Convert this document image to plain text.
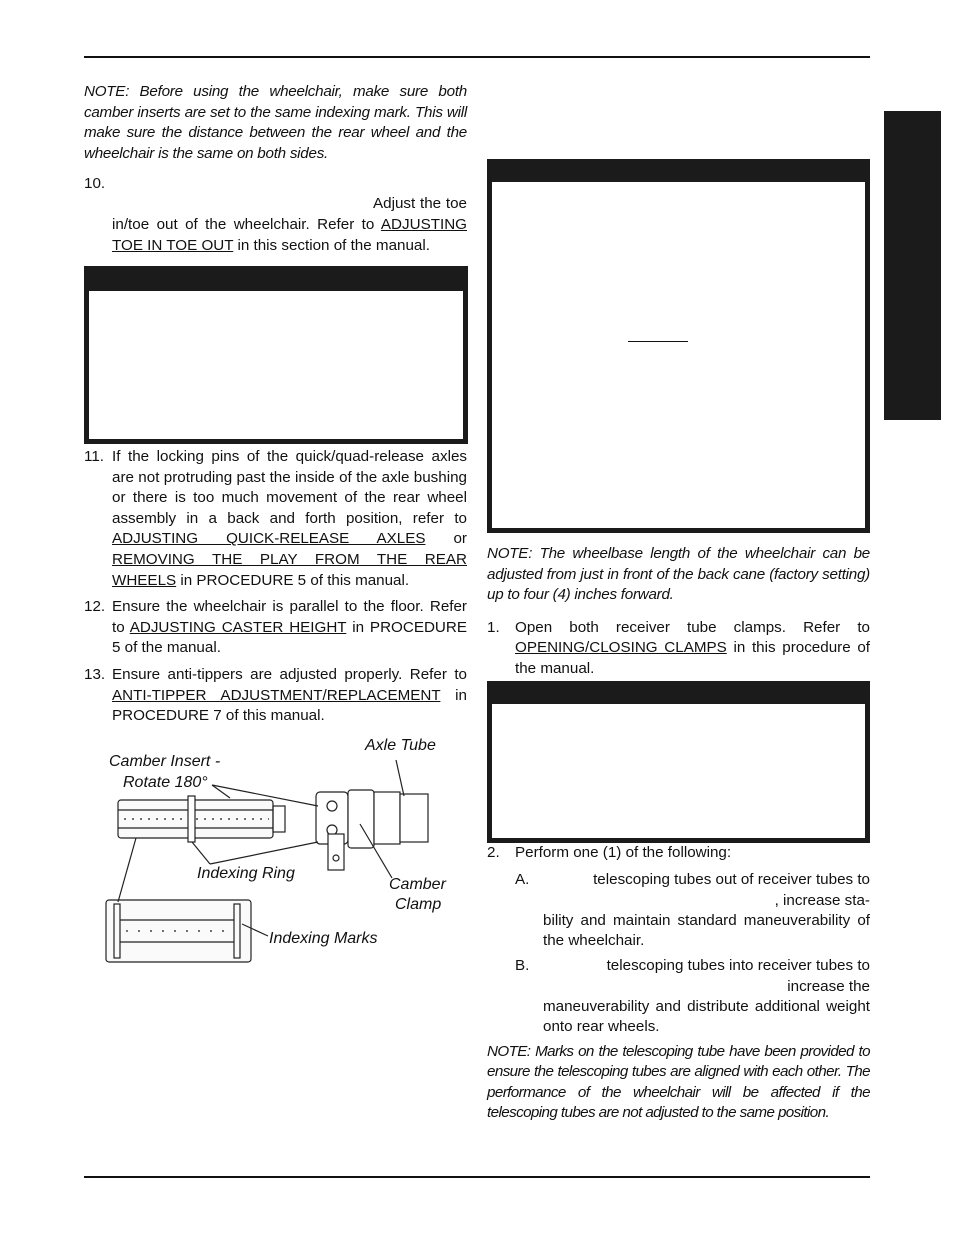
NOTE: Before using the wheelchair, make sure both camber inserts are set to the same indexing mark. This will make sure the distance between the rear wheel and the wheelchair is the same on both sides.

10.
Adjust the toe in/toe out of the wheelchair. Refer to ADJUSTING TOE IN TOE OUT in this section of the manual.
11. If the locking pins of the quick/quad-release axles are not protruding past the inside of the axle bushing or there is too much movement of the rear wheel assembly in a back and forth position, refer to ADJUSTING QUICK-RELEASE AXLES or REMOVING THE PLAY FROM THE REAR WHEELS in PROCEDURE 5 of this manual.
12. Ensure the wheelchair is parallel to the floor. Refer to ADJUSTING CASTER HEIGHT in PROCEDURE 5 of the manual.
13. Ensure anti-tippers are adjusted properly. Refer to ANTI-TIPPER ADJUSTMENT/REPLACEMENT in PROCEDURE 7 of this manual.
Axle Tube
Camber Insert -
Rotate 180°
Indexing Ring
Camber
Clamp
Indexing Marks

NOTE: The wheelbase length of the wheelchair can be adjusted from just in front of the back cane (factory setting) up to four (4) inches forward.

1. Open both receiver tube clamps. Refer to OPENING/CLOSING CLAMPS in this procedure of the manual.
2. Perform one (1) of the following:
A.	telescoping tubes out of receiver tubes to
, increase sta-
bility and maintain standard maneuverability of the wheelchair.
B.	telescoping tubes into receiver tubes to
increase the
maneuverability and distribute additional weight onto rear wheels.

NOTE: Marks on the telescoping tube have been provided to ensure the telescoping tubes are aligned with each other. The performance of the wheelchair will be affected if the telescoping tubes are not adjusted to the same position.
